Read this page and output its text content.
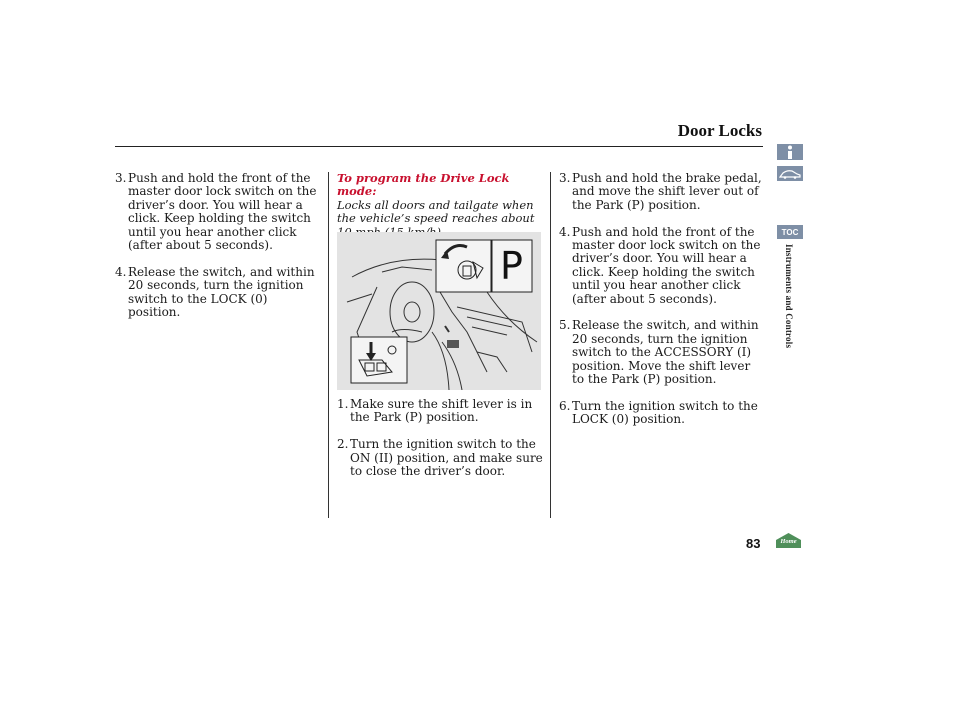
Door Locks
3. Push and hold the front of the master door lock switch on the driver’s door. You will hear a click. Keep holding the switch until you hear another click (after about 5 seconds).
4. Release the switch, and within 20 seconds, turn the ignition switch to the LOCK (0) position.
To program the Drive Lock mode:
Locks all doors and tailgate when the vehicle’s speed reaches about
P
1. Make sure the shift lever is in the Park (P) position.
2. Turn the ignition switch to the ON (II) position, and make sure to close the driver’s door.
3. Push and hold the brake pedal, and move the shift lever out of the Park (P) position.
4. Push and hold the front of the master door lock switch on the driver’s door. You will hear a click. Keep holding the switch until you hear another click (after about 5 seconds).
5. Release the switch, and within 20 seconds, turn the ignition switch to the ACCESSORY (I) position. Move the shift lever to the Park (P) position.
6. Turn the ignition switch to the LOCK (0) position.
TOC
Instruments and Controls
83	Home
